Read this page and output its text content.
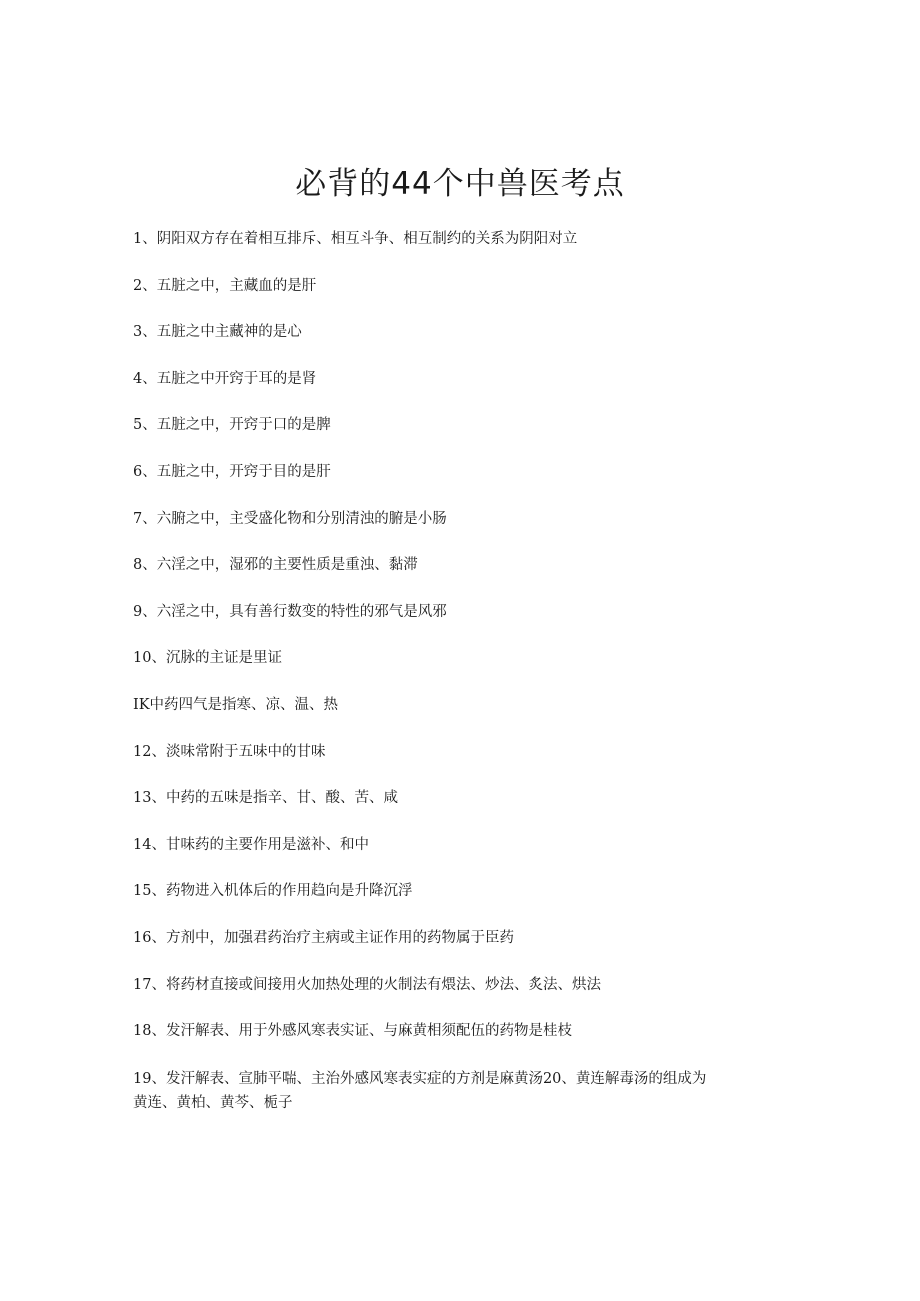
必背的44个中兽医考点
1、阴阳双方存在着相互排斥、相互斗争、相互制约的关系为阴阳对立
2、五脏之中，主藏血的是肝
3、五脏之中主藏神的是心
4、五脏之中开窍于耳的是肾
5、五脏之中，开窍于口的是脾
6、五脏之中，开窍于目的是肝
7、六腑之中，主受盛化物和分别清浊的腑是小肠
8、六淫之中，湿邪的主要性质是重浊、黏滞
9、六淫之中，具有善行数变的特性的邪气是风邪
10、沉脉的主证是里证
IK中药四气是指寒、凉、温、热
12、淡味常附于五味中的甘味
13、中药的五味是指辛、甘、酸、苦、咸
14、甘味药的主要作用是滋补、和中
15、药物进入机体后的作用趋向是升降沉浮
16、方剂中，加强君药治疗主病或主证作用的药物属于臣药
17、将药材直接或间接用火加热处理的火制法有煨法、炒法、炙法、烘法
18、发汗解表、用于外感风寒表实证、与麻黄相须配伍的药物是桂枝
19、发汗解表、宣肺平喘、主治外感风寒表实症的方剂是麻黄汤20、黄连解毒汤的组成为黄连、黄柏、黄芩、栀子
